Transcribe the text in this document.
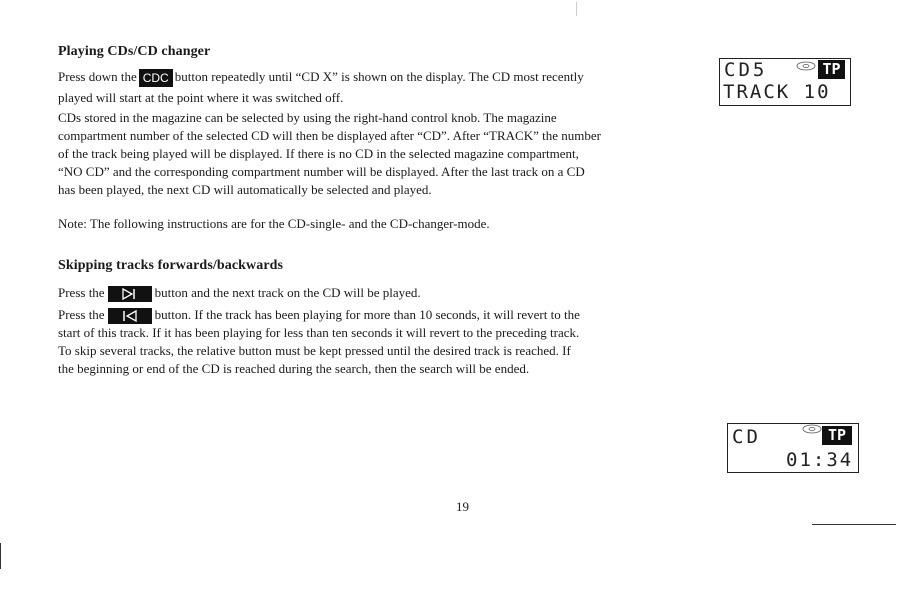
Playing CDs/CD changer
Press down the CDC button repeatedly until “CD X” is shown on the display. The CD most recently
played will start at the point where it was switched off.
CDs stored in the magazine can be selected by using the right-hand control knob. The magazine
compartment number of the selected CD will then be displayed after “CD”. After “TRACK” the number
of the track being played will be displayed. If there is no CD in the selected magazine compartment,
“NO CD” and the corresponding compartment number will be displayed. After the last track on a CD
has been played, the next CD will automatically be selected and played.
Note: The following instructions are for the CD-single- and the CD-changer-mode.
Skipping tracks forwards/backwards
Press the	button and the next track on the CD will be played.
Press the	button. If the track has been playing for more than 10 seconds, it will revert to the
start of this track. If it has been playing for less than ten seconds it will revert to the preceding track.
To skip several tracks, the relative button must be kept pressed until the desired track is reached. If
the beginning or end of the CD is reached during the search, then the search will be ended.
CD5	TP
TRACK 10
CD	TP
01:34
19
